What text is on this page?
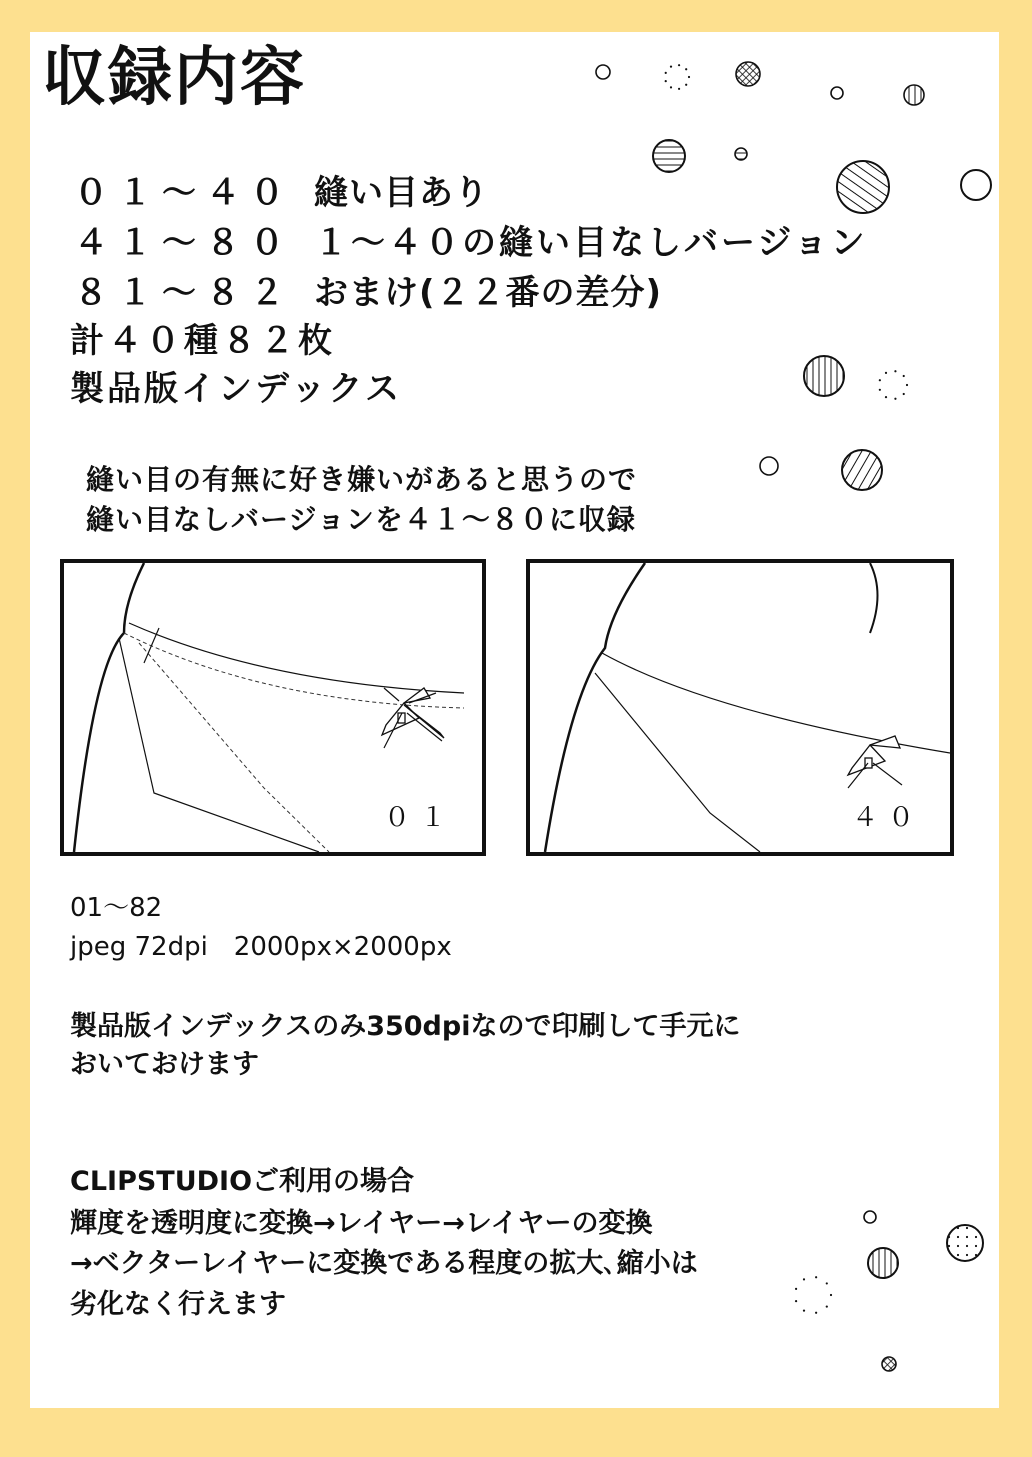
収録内容
０１～４０ 縫い目あり
４１～８０ １～４０の縫い目なしバージョン
８１～８２ おまけ(２２番の差分)
計４０種８２枚
製品版インデックス
縫い目の有無に好き嫌いがあると思うので
縫い目なしバージョンを４１～８０に収録
０１	４０
01～82
jpeg 72dpi　2000px×2000px
製品版インデックスのみ350dpiなので印刷して手元に
おいておけます
CLIPSTUDIOご利用の場合
輝度を透明度に変換→レイヤー→レイヤーの変換
→ベクターレイヤーに変換である程度の拡大､縮小は
劣化なく行えます
